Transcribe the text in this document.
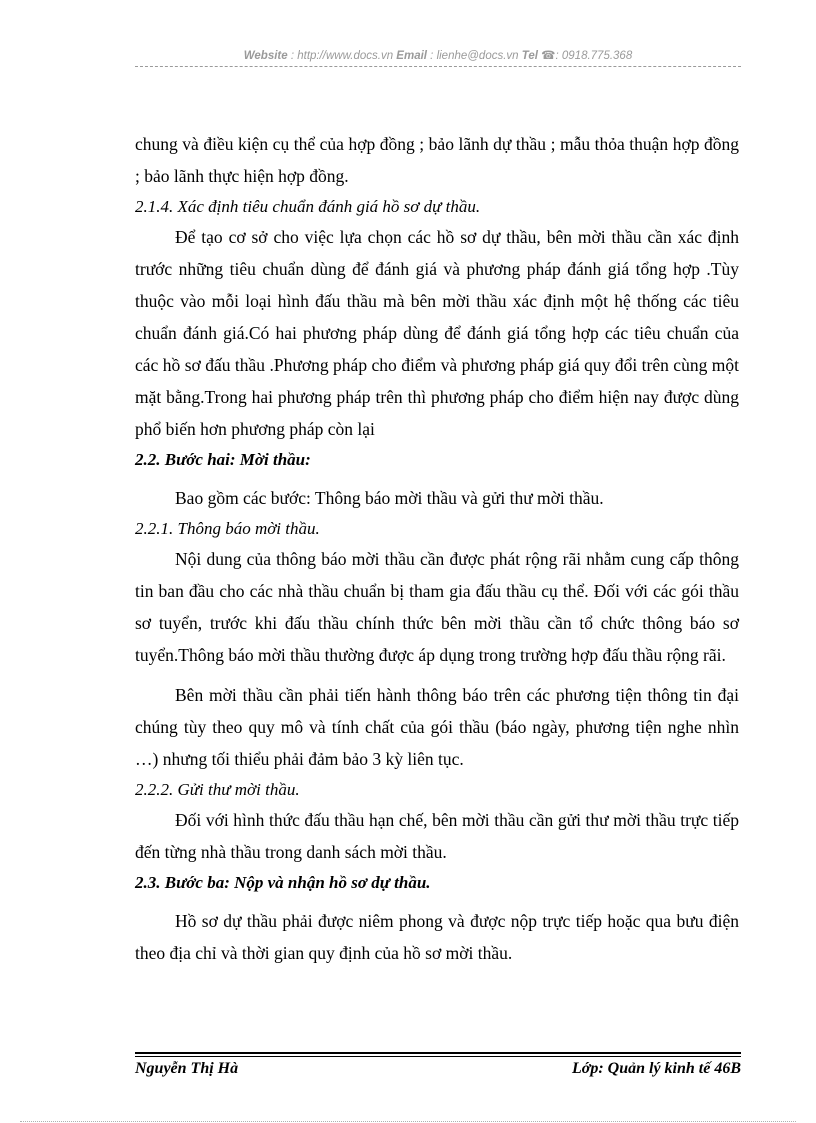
Website : http://www.docs.vn Email : lienhe@docs.vn Tel ☎: 0918.775.368

chung và điều kiện cụ thể của hợp đồng ; bảo lãnh dự thầu ; mẫu thỏa thuận hợp đồng ; bảo lãnh thực hiện hợp đồng.

2.1.4. Xác định tiêu chuẩn đánh giá hồ sơ dự thầu.

Để tạo cơ sở cho việc lựa chọn các hồ sơ dự thầu, bên mời thầu cần xác định trước những tiêu chuẩn dùng để đánh giá và phương pháp đánh giá tổng hợp .Tùy thuộc vào mỗi loại hình đấu thầu mà bên mời thầu xác định một hệ thống các tiêu chuẩn đánh giá.Có hai phương pháp dùng để đánh giá tổng hợp các tiêu chuẩn của các hồ sơ đấu thầu .Phương pháp cho điểm và phương pháp giá quy đổi trên cùng một mặt bằng.Trong hai phương pháp trên thì phương pháp cho điểm hiện nay được dùng phổ biến hơn phương pháp còn lại

2.2. Bước hai: Mời thầu:

Bao gồm các bước: Thông báo mời thầu và gửi thư mời thầu.

2.2.1. Thông báo mời thầu.

Nội dung của thông báo mời thầu cần được phát rộng rãi nhằm cung cấp thông tin ban đầu cho các nhà thầu chuẩn bị tham gia đấu thầu cụ thể. Đối với các gói thầu sơ tuyển, trước khi đấu thầu chính thức bên mời thầu cần tổ chức thông báo sơ tuyển.Thông báo mời thầu thường được áp dụng trong trường hợp đấu thầu rộng rãi.

Bên mời thầu cần phải tiến hành thông báo trên các phương tiện thông tin đại chúng tùy theo quy mô và tính chất của gói thầu (báo ngày, phương tiện nghe nhìn …) nhưng tối thiểu phải đảm bảo 3 kỳ liên tục.

2.2.2. Gửi thư mời thầu.

Đối với hình thức đấu thầu hạn chế, bên mời thầu cần gửi thư mời thầu trực tiếp đến từng nhà thầu trong danh sách mời thầu.

2.3. Bước ba: Nộp và nhận hồ sơ dự thầu.

Hồ sơ dự thầu phải được niêm phong và được nộp trực tiếp hoặc qua bưu điện theo địa chỉ và thời gian quy định của hồ sơ mời thầu.

Nguyễn Thị Hà	Lớp: Quản lý kinh tế 46B
